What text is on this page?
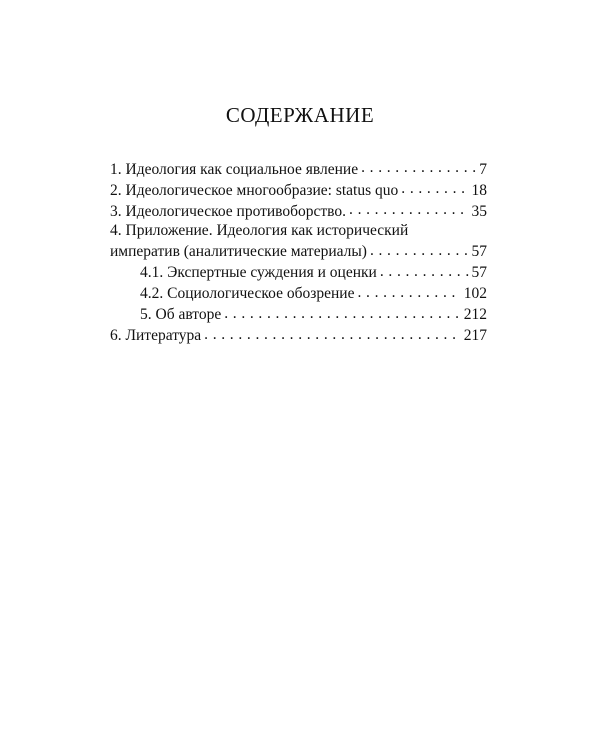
СОДЕРЖАНИЕ
1. Идеология как социальное явление . . .	7
2. Идеологическое многообразие: status quo . . .	18
3. Идеологическое противоборство. . . .	35
4. Приложение. Идеология как исторический
императив (аналитические материалы) . . .	57
4.1. Экспертные суждения и оценки . . .	57
4.2. Социологическое обозрение . . .	102
5. Об авторе . . .	212
6. Литература . . .	217
